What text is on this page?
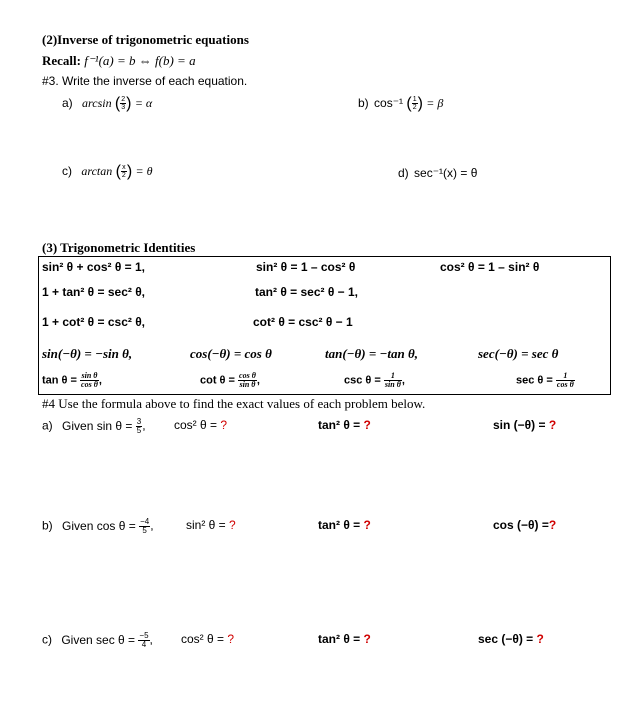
(2)Inverse of trigonometric equations
Recall: f⁻¹(a) = b ⇔ f(b) = a
#3. Write the inverse of each equation.
a) arcsin ( $\frac{2}{3}$ ) = α	b) cos⁻¹ ( $\frac{1}{2}$ ) = β
c) arctan ( $\frac{x}{2}$ ) = θ	d) sec⁻¹(x) = θ
(3) Trigonometric Identities
sin² θ + cos² θ = 1,	sin² θ = 1 – cos² θ	cos² θ = 1 – sin² θ
1 + tan² θ = sec² θ,	tan² θ = sec² θ − 1,
1 + cot² θ = csc² θ,	cot² θ = csc² θ − 1
sin(−θ) = −sin θ,	cos(−θ) = cos θ	tan(−θ) = −tan θ,	sec(−θ) = sec θ
$\tan \theta = \frac{\text{sin θ}}{\text{cos θ}}$ ,	$\cot \theta = \frac{\text{cos θ}}{\text{sin θ}}$ ,	$\csc \theta = \frac{1}{\text{sin θ}}$ ,	$\sec \theta = \frac{1}{\text{cos θ}}$
#4 Use the formula above to find the exact values of each problem below.
a) Given $\sin \theta = \frac{3}{5}$ , cos² θ = ?	tan² θ = ?	sin (−θ) = ?
b) Given $\cos \theta = \frac{-4}{5}$ ,	sin² θ = ?	tan² θ = ?	cos (−θ) =?
c) Given $\sec \theta = \frac{-5}{4}$ , cos² θ = ?	tan² θ = ?	sec (−θ) = ?
